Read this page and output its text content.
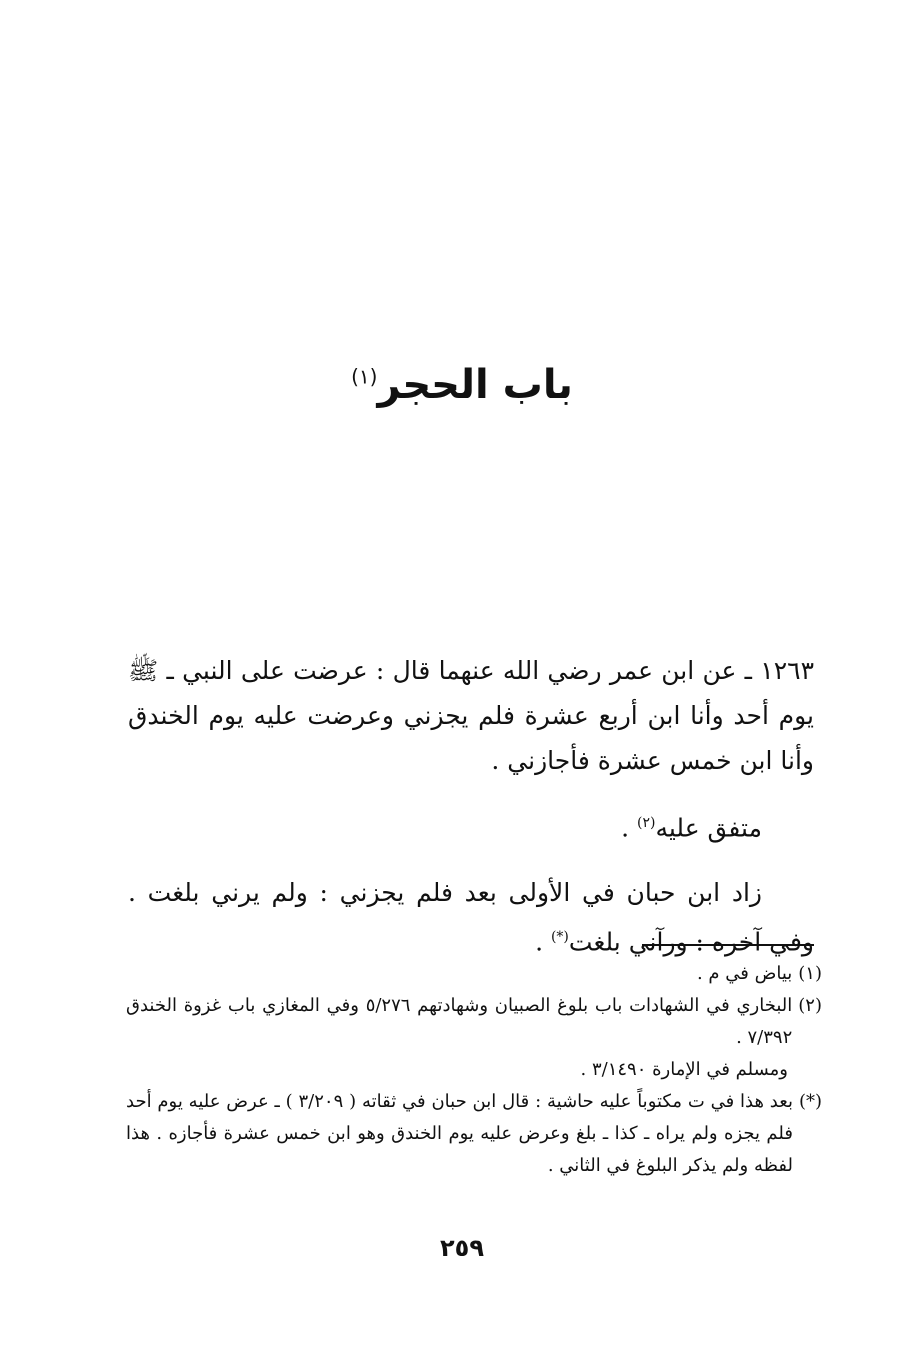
باب الحجر$^{(١)}$

١٢٦٣ ـ عن ابن عمر رضي الله عنهما قال : عرضت على النبي ـ ﷺ يوم أحد وأنا ابن أربع عشرة فلم يجزني وعرضت عليه يوم الخندق وأنا ابن خمس عشرة فأجازني .

متفق عليه$^{(٢)}$ .

زاد ابن حبان في الأولى بعد فلم يجزني : ولم يرني بلغت . وفي آخره : ورآني بلغت(*) .

(١)
بياض في م .
(٢)
البخاري في الشهادات باب بلوغ الصبيان وشهادتهم ٥/٢٧٦ وفي المغازي باب غزوة الخندق ٧/٣٩٢ .
ومسلم في الإمارة ٣/١٤٩٠ .
(*)
بعد هذا في ت مكتوباً عليه حاشية : قال ابن حبان في ثقاته ( ٣/٢٠٩ ) ـ عرض عليه يوم أحد فلم يجزه ولم يراه ـ كذا ـ بلغ وعرض عليه يوم الخندق وهو ابن خمس عشرة فأجازه . هذا لفظه ولم يذكر البلوغ في الثاني .
٢٥٩
